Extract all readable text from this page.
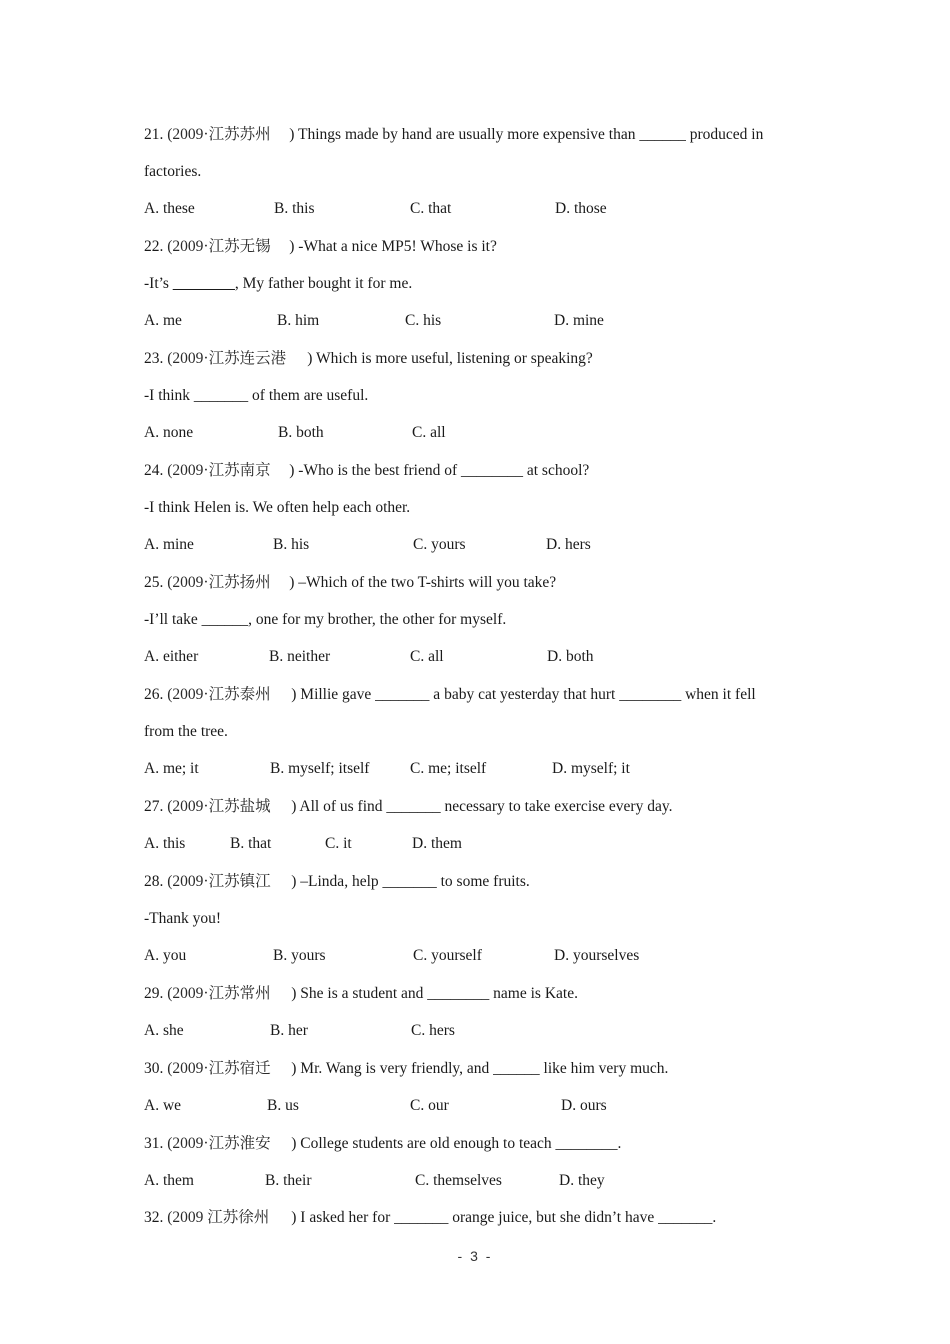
21.
(2009·江苏苏州	) Things made by hand are usually more expensive than ______ produced in
factories.
A. these	B. this	C. that	D. those
22.
(2009·江苏无锡	) -What a nice MP5! Whose is it?
-It’s ________, My father bought it for me.
A. me	B. him	C. his	D. mine
23.
(2009·江苏连云港	) Which is more useful, listening or speaking?
-I think _______ of them are useful.
A. none	B. both	C. all
24.
(2009·江苏南京	) -Who is the best friend of ________ at school?
-I think Helen is. We often help each other.
A. mine	B. his	C. yours	D. hers
25.
(2009·江苏扬州	) –Which of the two T-shirts will you take?
-I’ll take ______, one for my brother, the other for myself.
A. either	B. neither	C. all	D. both
26.
(2009·江苏泰州	) Millie gave _______ a baby cat yesterday that hurt ________ when it fell
from the tree.
A. me; it	B. myself; itself	C. me; itself	D. myself; it
27.
(2009·江苏盐城	) All of us find _______ necessary to take exercise every day.
A. this	B. that	C. it	D. them
28.
(2009·江苏镇江	) –Linda, help _______ to some fruits.
-Thank you!
A. you	B. yours	C. yourself	D. yourselves
29.
(2009·江苏常州	) She is a student and ________ name is Kate.
A. she	B. her	C. hers
30.
(2009·江苏宿迁	) Mr. Wang is very friendly, and ______ like him very much.
A. we	B. us	C. our	D. ours
31.
(2009·江苏淮安	) College students are old enough to teach ________.
A. them	B. their	C. themselves	D. they
32.
(2009 江苏徐州	) I asked her for _______ orange juice, but she didn’t have _______.
- 3 -
